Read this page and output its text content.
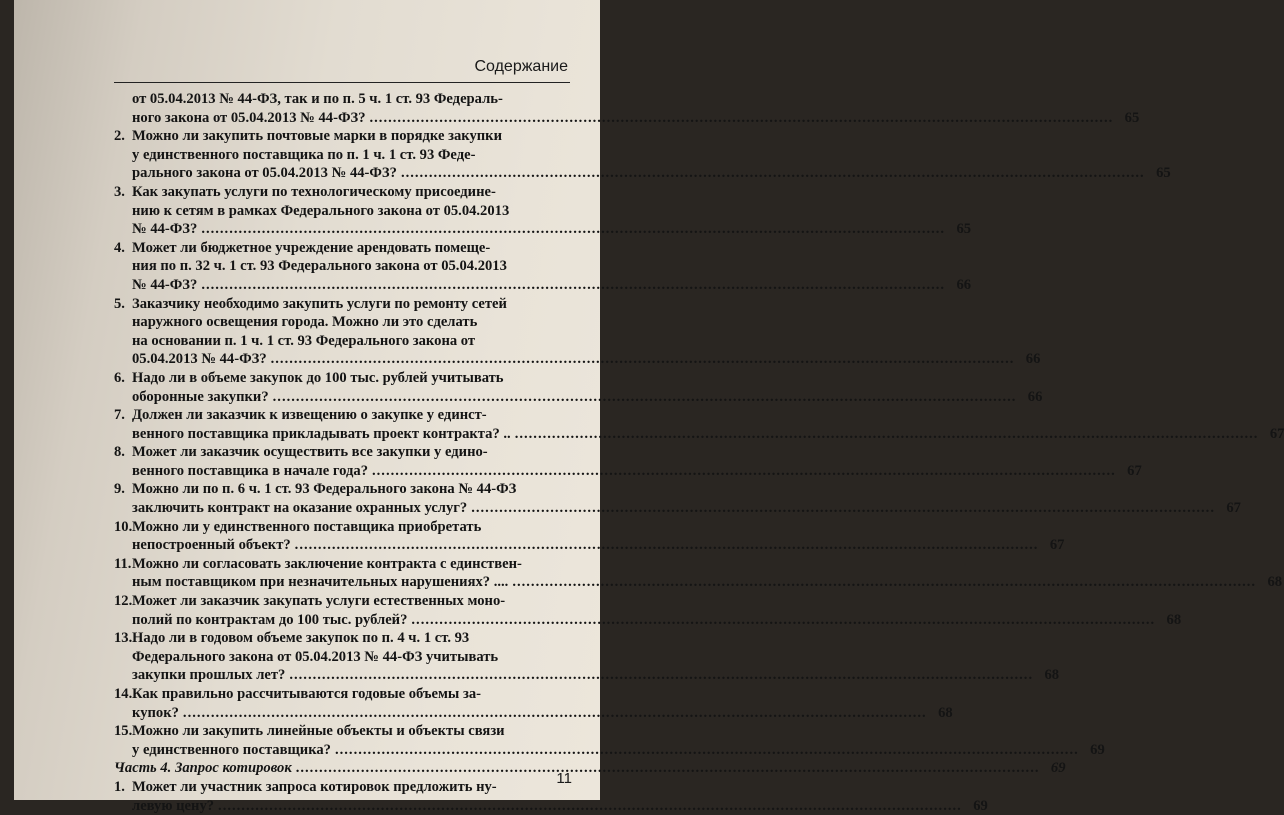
Содержание
от 05.04.2013 № 44-ФЗ, так и по п. 5 ч. 1 ст. 93 Федераль-
ного закона от 05.04.2013 № 44-ФЗ? .....	65
2. Можно ли закупить почтовые марки в порядке закупки
у единственного поставщика по п. 1 ч. 1 ст. 93 Феде-
рального закона от 05.04.2013 № 44-ФЗ? .....	65
3. Как закупать услуги по технологическому присоедине-
нию к сетям в рамках Федерального закона от 05.04.2013
№ 44-ФЗ? .....	65
4. Может ли бюджетное учреждение арендовать помеще-
ния по п. 32 ч. 1 ст. 93 Федерального закона от 05.04.2013
№ 44-ФЗ? .....	66
5. Заказчику необходимо закупить услуги по ремонту сетей
наружного освещения города. Можно ли это сделать
на основании п. 1 ч. 1 ст. 93 Федерального закона от
05.04.2013 № 44-ФЗ? .....	66
6. Надо ли в объеме закупок до 100 тыс. рублей учитывать
оборонные закупки? .....	66
7. Должен ли заказчик к извещению о закупке у единст-
венного поставщика прикладывать проект контракта? .. .....	67
8. Может ли заказчик осуществить все закупки у едино-
венного поставщика в начале года? .....	67
9. Можно ли по п. 6 ч. 1 ст. 93 Федерального закона № 44-ФЗ
заключить контракт на оказание охранных услуг? .....	67
10. Можно ли у единственного поставщика приобретать
непостроенный объект? .....	67
11. Можно ли согласовать заключение контракта с единствен-
ным поставщиком при незначительных нарушениях? .... .....	68
12. Может ли заказчик закупать услуги естественных моно-
полий по контрактам до 100 тыс. рублей? .....	68
13. Надо ли в годовом объеме закупок по п. 4 ч. 1 ст. 93
Федерального закона от 05.04.2013 № 44-ФЗ учитывать
закупки прошлых лет? .....	68
14. Как правильно рассчитываются годовые объемы за-
купок? .....	68
15. Можно ли закупить линейные объекты и объекты связи
у единственного поставщика? .....	69
Часть 4. Запрос котировок .....	69
1. Может ли участник запроса котировок предложить ну-
левую цену? .....	69
11
